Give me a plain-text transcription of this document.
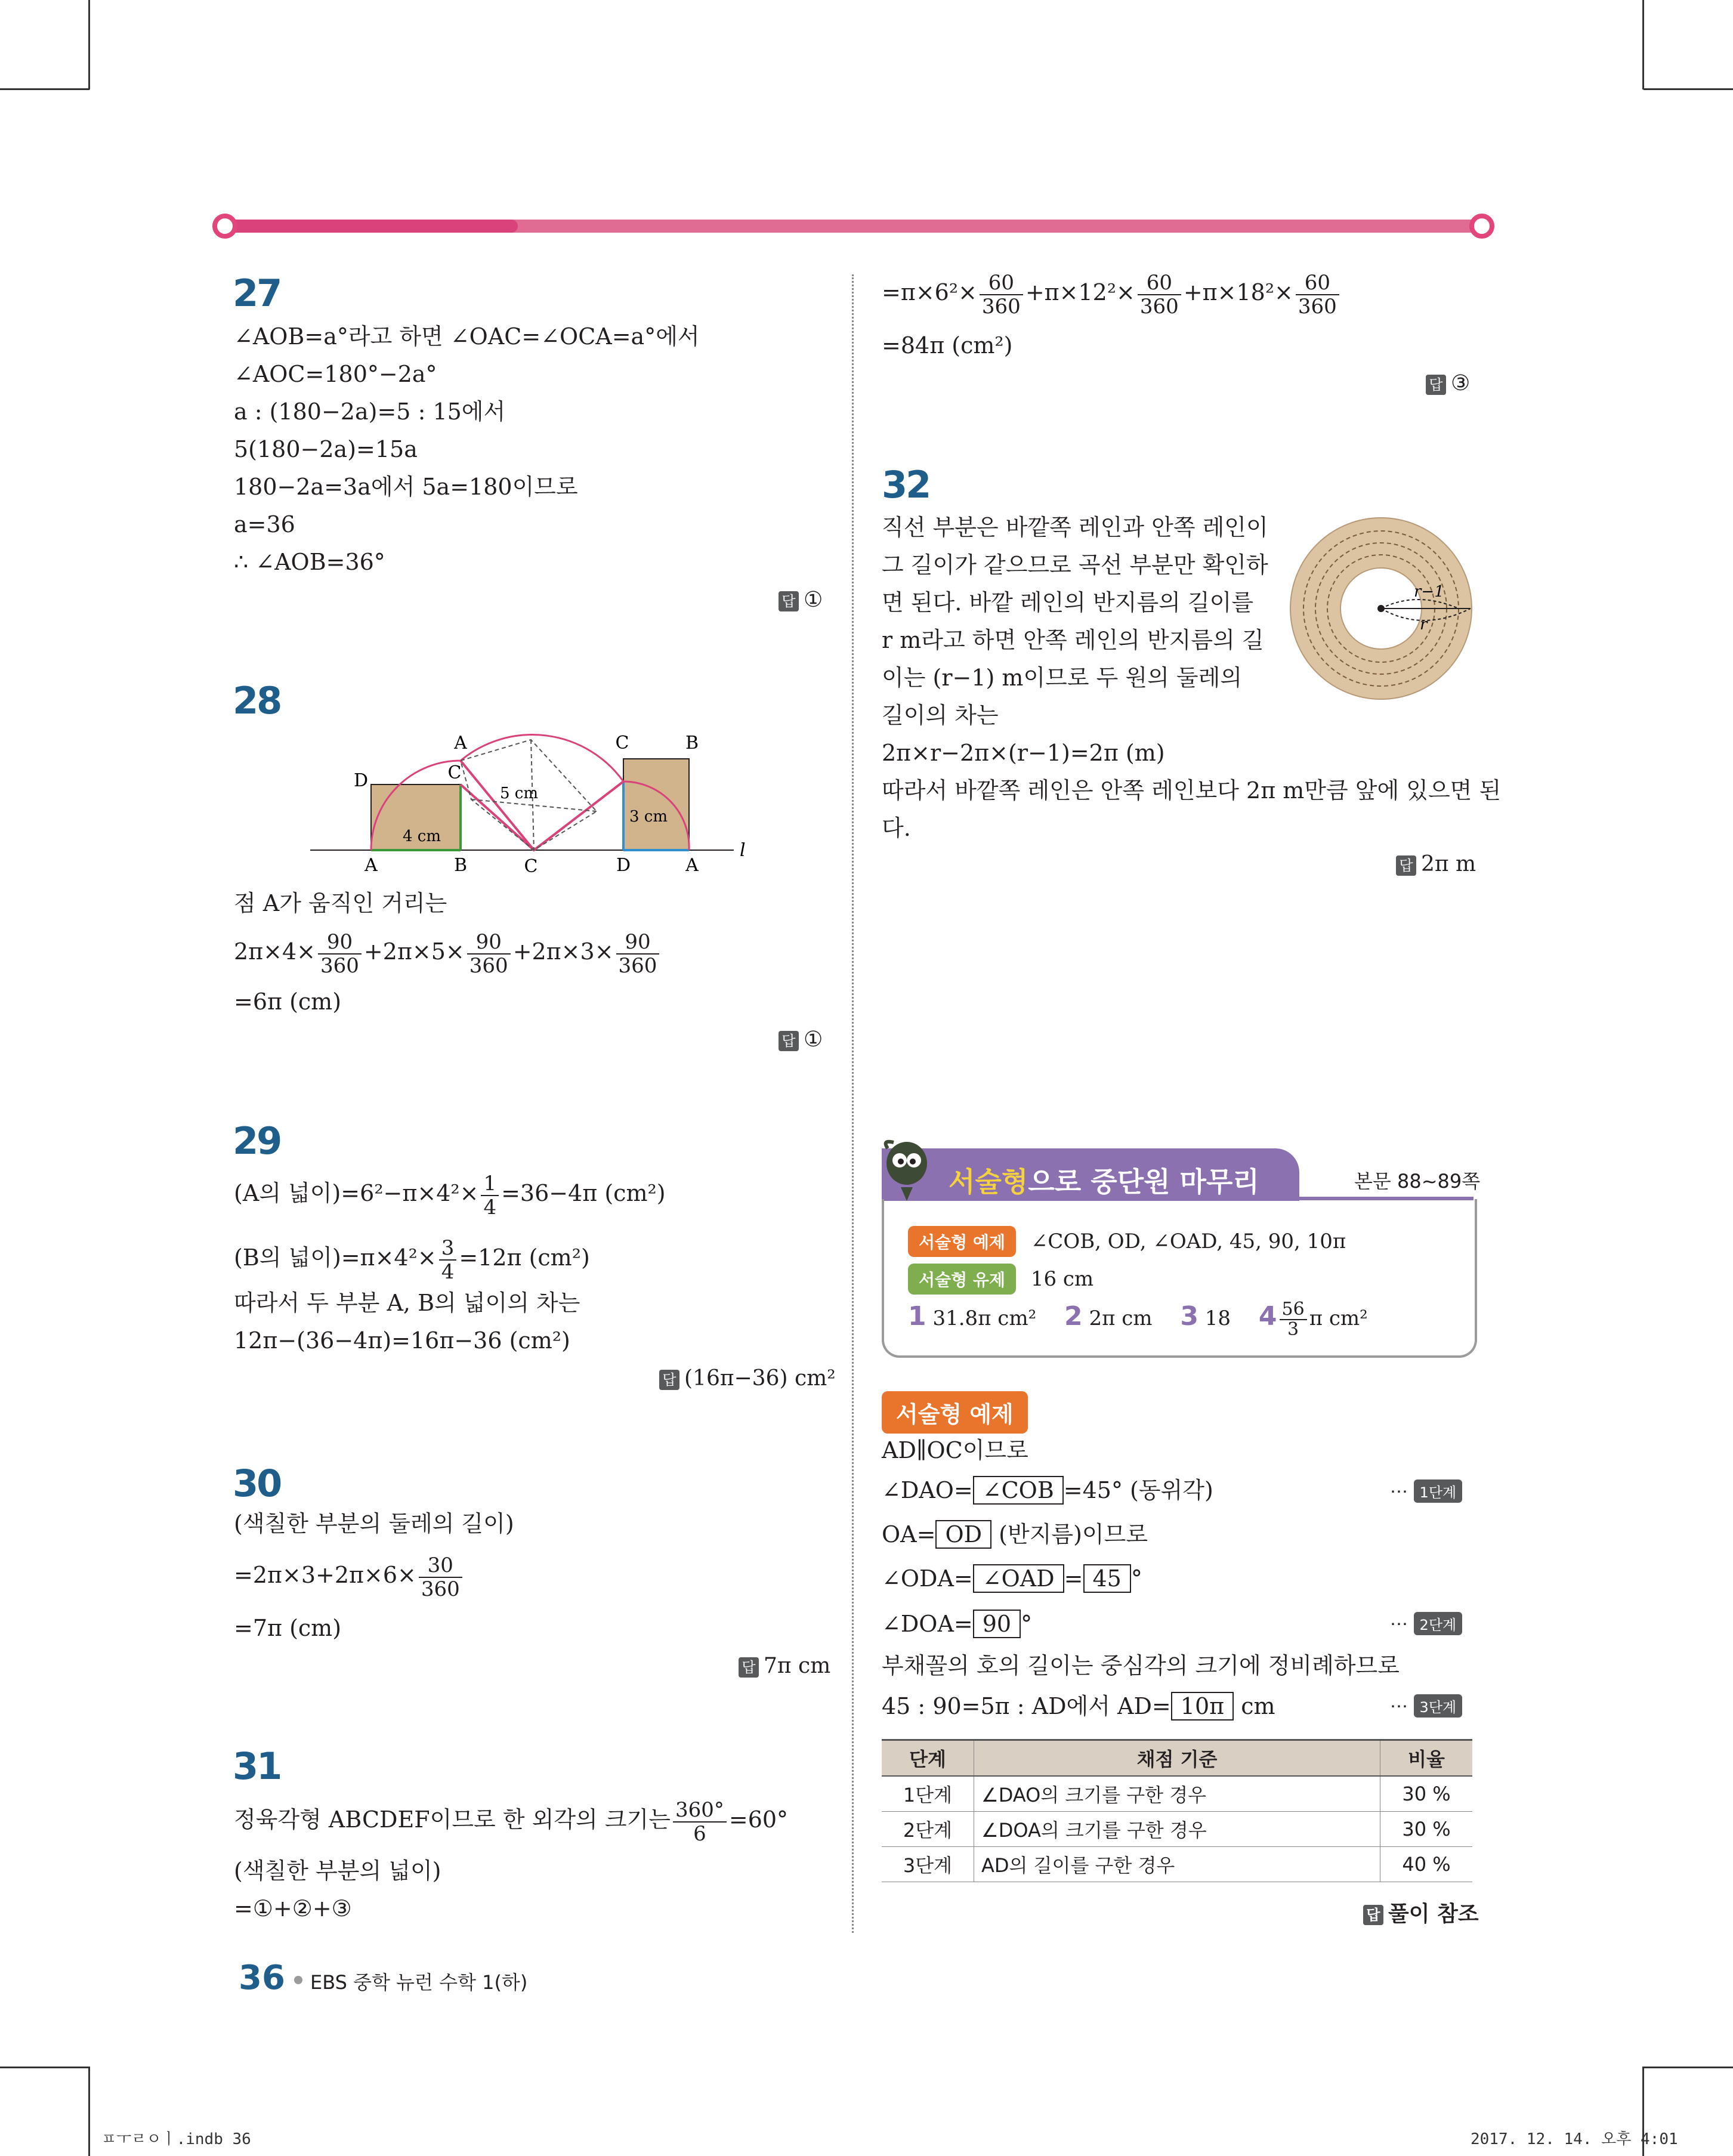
27
∠AOB=a°라고 하면 ∠OAC=∠OCA=a°에서
∠AOC=180°−2a°
a : (180−2a)=5 : 15에서
5(180−2a)=15a
180−2a=3a에서 5a=180이므로
a=36
∴ ∠AOB=36°
답 ①
28
A	B	C	D	A
D	C
A	C	B
l
4 cm
5 cm
3 cm
점 A가 움직인 거리는
$2\pi\times 4\times \frac{90}{360} +2\pi\times 5\times \frac{90}{360} +2\pi\times 3\times \frac{90}{360}$
=6π (cm)
답 ①
29
(A의 넓이)$=6^2-\pi\times 4^2\times \frac{1}{4} =36-4\pi$ (cm²)
(B의 넓이)$=\pi\times 4^2\times \frac{3}{4} =12\pi$ (cm²)
따라서 두 부분 A, B의 넓이의 차는
12π−(36−4π)=16π−36 (cm²)
답 (16π−36) cm²
30
(색칠한 부분의 둘레의 길이)
$=2\pi\times 3+2\pi\times 6\times \frac{30}{360}$
=7π (cm)
답 7π cm
31
정육각형 ABCDEF이므로 한 외각의 크기는 $\frac{360^\circ}{6} =60^\circ$
(색칠한 부분의 넓이)
=①+②+③
$=\pi\times 6^2\times \frac{60}{360} +\pi\times 12^2\times \frac{60}{360} +\pi\times 18^2\times \frac{60}{360}$
=84π (cm²)
답 ③
32
직선 부분은 바깥쪽 레인과 안쪽 레인이
그 길이가 같으므로 곡선 부분만 확인하
면 된다. 바깥 레인의 반지름의 길이를
r m라고 하면 안쪽 레인의 반지름의 길
이는 (r−1) m이므로 두 원의 둘레의
길이의 차는
r−1
r
2π×r−2π×(r−1)=2π (m)
따라서 바깥쪽 레인은 안쪽 레인보다 2π m만큼 앞에 있으면 된
다.
답 2π m
서술형으로 중단원 마무리	본문 88~89쪽
서술형 예제 ∠COB, OD, ∠OAD, 45, 90, 10π
서술형 유제 16 cm
1 31.8π cm² 2 2π cm 3 18 $4 \frac{56}{3}$ π cm²
서술형 예제
AD∥OC이므로
∠DAO= ∠COB =45° (동위각)
OA= OD (반지름)이므로
∠ODA= ∠OAD = 45 °
∠DOA= 90 °
부채꼴의 호의 길이는 중심각의 크기에 정비례하므로
45 : 90=5π : AD에서 AD= 10π cm
⋯ 1단계
⋯ 2단계
⋯ 3단계
단계	채점 기준	비율
1단계	∠DAO의 크기를 구한 경우	30 %
2단계	∠DOA의 크기를 구한 경우	30 %
3단계	AD의 길이를 구한 경우	40 %
답 풀이 참조
36 EBS 중학 뉴런 수학 1(하)
ㅍㅜㄹㅇㅣ.indb 36	2017. 12. 14. 오후 4:01
